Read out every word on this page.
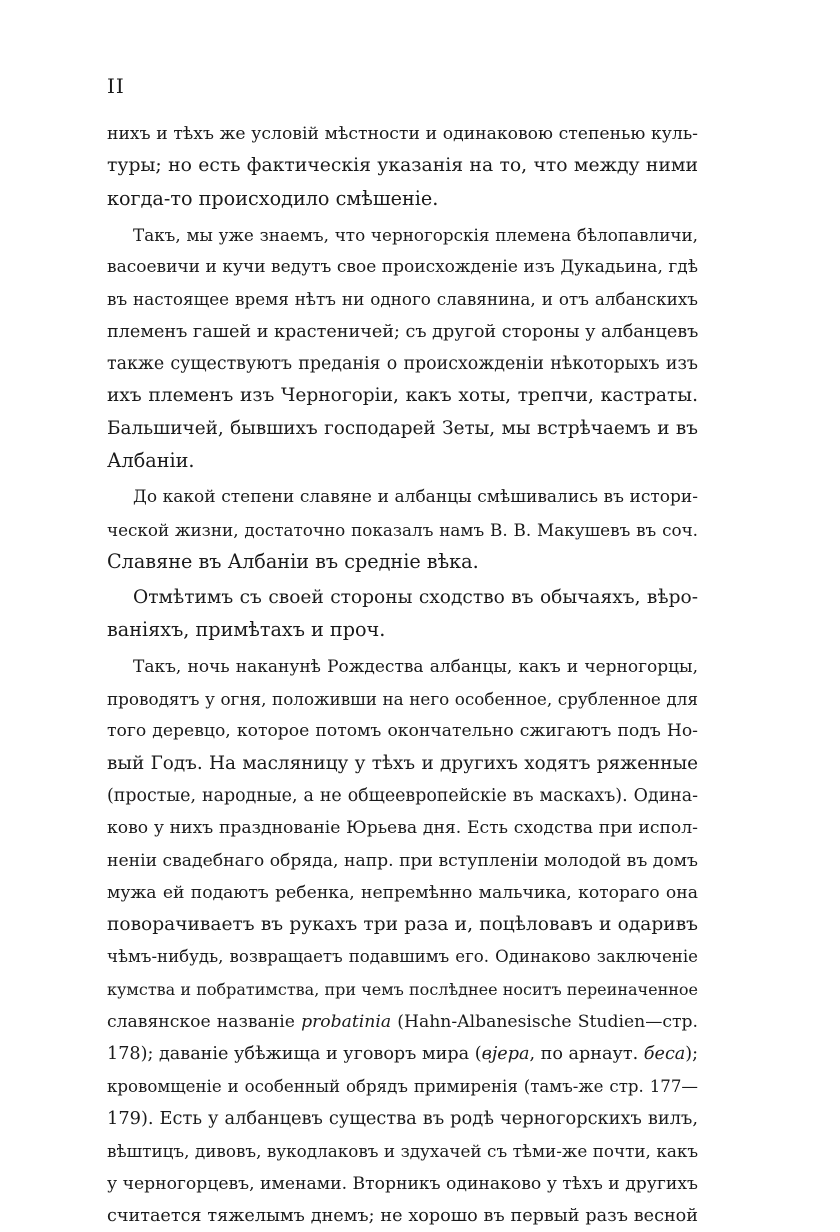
II
нихъ и тѣхъ же условій мѣстности и одинаковою степенью куль-
туры; но есть фактическія указанія на то, что между ними
когда-то происходило смѣшеніе.
Такъ, мы уже знаемъ, что черногорскія племена бѣлопавличи,
васоевичи и кучи ведутъ свое происхожденіе изъ Дукадьина, гдѣ
въ настоящее время нѣтъ ни одного славянина, и отъ албанскихъ
племенъ гашей и крастеничей; съ другой стороны у албанцевъ
также существуютъ преданія о происхожденіи нѣкоторыхъ изъ
ихъ племенъ изъ Черногоріи, какъ хоты, трепчи, кастраты.
Бальшичей, бывшихъ господарей Зеты, мы встрѣчаемъ и въ
Албаніи.
До какой степени славяне и албанцы смѣшивались въ истори-
ческой жизни, достаточно показалъ намъ В. В. Макушевъ въ соч.
Славяне въ Албаніи въ средніе вѣка.
Отмѣтимъ съ своей стороны сходство въ обычаяхъ, вѣро-
ваніяхъ, примѣтахъ и проч.
Такъ, ночь наканунѣ Рождества албанцы, какъ и черногорцы,
проводятъ у огня, положивши на него особенное, срубленное для
того деревцо, которое потомъ окончательно сжигаютъ подъ Но-
вый Годъ. На масляницу у тѣхъ и другихъ ходятъ ряженные
(простые, народные, а не общеевропейскіе въ маскахъ). Одина-
ково у нихъ празднованіе Юрьева дня. Есть сходства при испол-
неніи свадебнаго обряда, напр. при вступленіи молодой въ домъ
мужа ей подаютъ ребенка, непремѣнно мальчика, котораго она
поворачиваетъ въ рукахъ три раза и, поцѣловавъ и одаривъ
чѣмъ-нибудь, возвращаетъ подавшимъ его. Одинаково заключеніе
кумства и побратимства, при чемъ послѣднее носитъ переиначенное
славянское названіе probatinia (Hahn-Albanesische Studien—стр.
178); даваніе убѣжища и уговоръ мира (вјера, по арнаут. беса);
кровомщеніе и особенный обрядъ примиренія (тамъ-же стр. 177—
179). Есть у албанцевъ существа въ родѣ черногорскихъ вилъ,
вѣштицъ, дивовъ, вукодлаковъ и здухачей съ тѣми-же почти, какъ
у черногорцевъ, именами. Вторникъ одинаково у тѣхъ и другихъ
считается тяжелымъ днемъ; не хорошо въ первый разъ весной
